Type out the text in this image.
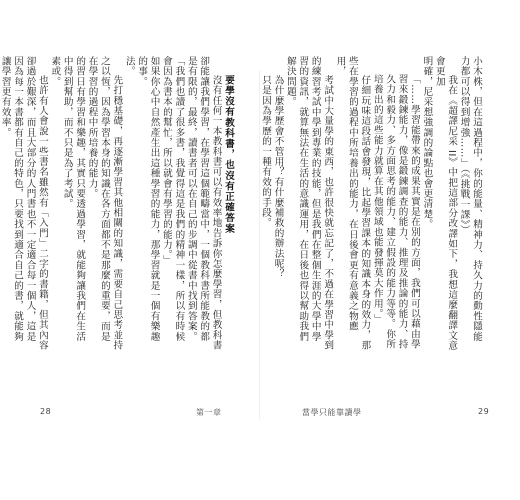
小木株，但在這過程中，你的能量、精神力、持久力的動性隱能力都可以得到增強……」（《挑戰一課》）

我在《超譯尼采 II》中把這部分改譯如下，我想這麼翻譯文意會更加

明確，尼采想強調的論點也會更清楚。

「……學習能帶來的成果其實是在別的方面，我們可以藉由學習來鍛鍊能力，像是鍛鍊調查的能力、推理及推論的能力、持久力和毅力、多方面思考的能力、建立假設的能力等等。你所培養出的這些能力就算在其他領域也能發揮莫大作用。」

仔細玩味這段話會發現，比起學習課本的知識本身的效力，那些在學習的過程中所培養出的能力，在日後會更有意義之物應用，

考試中大量學的東西，也許很快就忘記了，不過在學習中學到的練習考試中學到專業的技能，但是我們在整個生涯的大學中學習的資訊，就算無法在生活的意識運用，在日後也得以幫助我們解決問題。

為什麼學歷會不管用？有什麼補救的辦法呢？

只是因為學歷的一種有效的手段。

要學沒有教科書，也沒有正確答案

沒有任何一本教科書可以有效率地告訴你怎麼學習，但教科書卻能讓我們學習，在學習這個範疇當中，一個教科書所能教的都是有限的，最終，讀書者可以在自己的步調中從書中找到答案。

「我們也讀了很多書，我覺得這是我們的精神一樣，所以有時候會因為書本的幫忙，所以就會有學習的能力。」

如果你心中自然產生出這種學習的能力，那學習就是一個有樂趣的事。

法。

先打穩基礎，再逐漸學習其他相關的知識，需要自己思考並持之以恆，因為學習本身的知識在各方面都不是那麼的重要，而是在學習的過程中所培養的能力。

的習日有學習和樂趣，其實只要透過學習，就能夠讓我們在生活中得到幫助，而不只是為了考試。

素或。

也許有人會說一些書名雖然有「入門」二字的書籍，但其內容卻過於艱深，而且大部分的人門書也不一定適合每一個人，這是因為每一本書都有自己的特色，只要找到適合自己的書，就能夠讓學習更有效率。

28	第一章	當學只能靠讀學	29
